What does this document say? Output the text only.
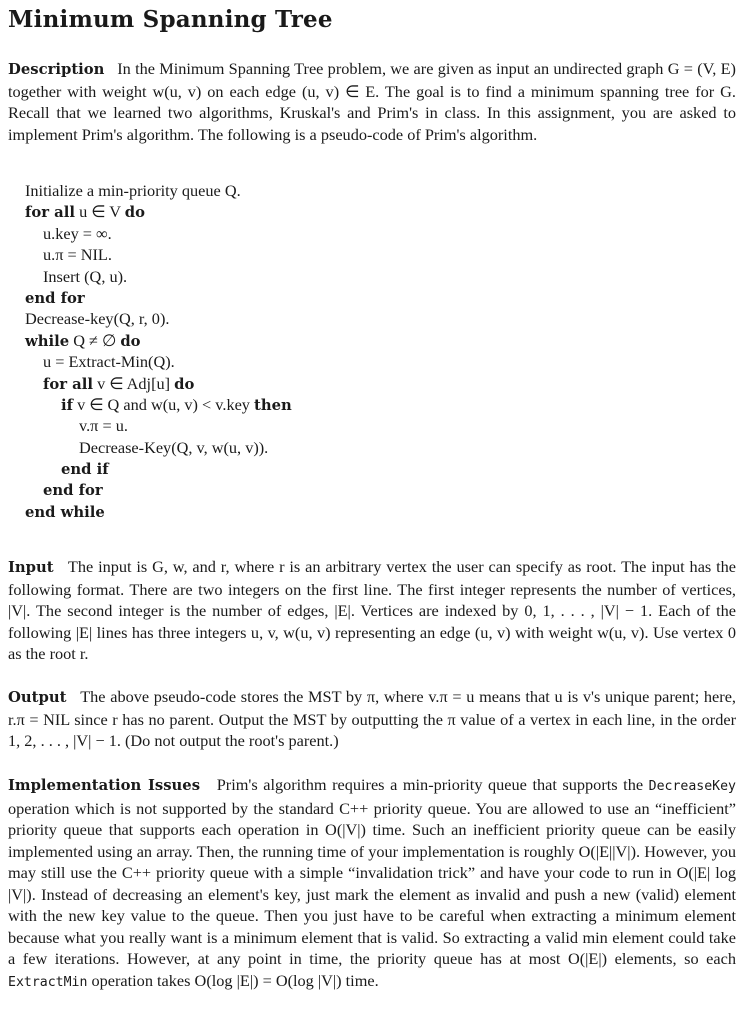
Minimum Spanning Tree

Description In the Minimum Spanning Tree problem, we are given as input an undirected graph G = (V, E) together with weight w(u, v) on each edge (u, v) ∈ E. The goal is to find a minimum spanning tree for G. Recall that we learned two algorithms, Kruskal's and Prim's in class. In this assignment, you are asked to implement Prim's algorithm. The following is a pseudo-code of Prim's algorithm.

Initialize a min-priority queue Q.
for all u ∈ V do
u.key = ∞.
u.π = NIL.
Insert (Q, u).
end for
Decrease-key(Q, r, 0).
while Q ≠ ∅ do
u = Extract-Min(Q).
for all v ∈ Adj[u] do
if v ∈ Q and w(u, v) < v.key then
v.π = u.
Decrease-Key(Q, v, w(u, v)).
end if
end for
end while

Input The input is G, w, and r, where r is an arbitrary vertex the user can specify as root. The input has the following format. There are two integers on the first line. The first integer represents the number of vertices, |V|. The second integer is the number of edges, |E|. Vertices are indexed by 0, 1, . . . , |V| − 1. Each of the following |E| lines has three integers u, v, w(u, v) representing an edge (u, v) with weight w(u, v). Use vertex 0 as the root r.

Output The above pseudo-code stores the MST by π, where v.π = u means that u is v's unique parent; here, r.π = NIL since r has no parent. Output the MST by outputting the π value of a vertex in each line, in the order 1, 2, . . . , |V| − 1. (Do not output the root's parent.)

Implementation Issues Prim's algorithm requires a min-priority queue that supports the DecreaseKey operation which is not supported by the standard C++ priority queue. You are allowed to use an “inefficient” priority queue that supports each operation in O(|V|) time. Such an inefficient priority queue can be easily implemented using an array. Then, the running time of your implementation is roughly O(|E||V|). However, you may still use the C++ priority queue with a simple “invalidation trick” and have your code to run in O(|E| log |V|). Instead of decreasing an element's key, just mark the element as invalid and push a new (valid) element with the new key value to the queue. Then you just have to be careful when extracting a minimum element because what you really want is a minimum element that is valid. So extracting a valid min element could take a few iterations. However, at any point in time, the priority queue has at most O(|E|) elements, so each ExtractMin operation takes O(log |E|) = O(log |V|) time.
